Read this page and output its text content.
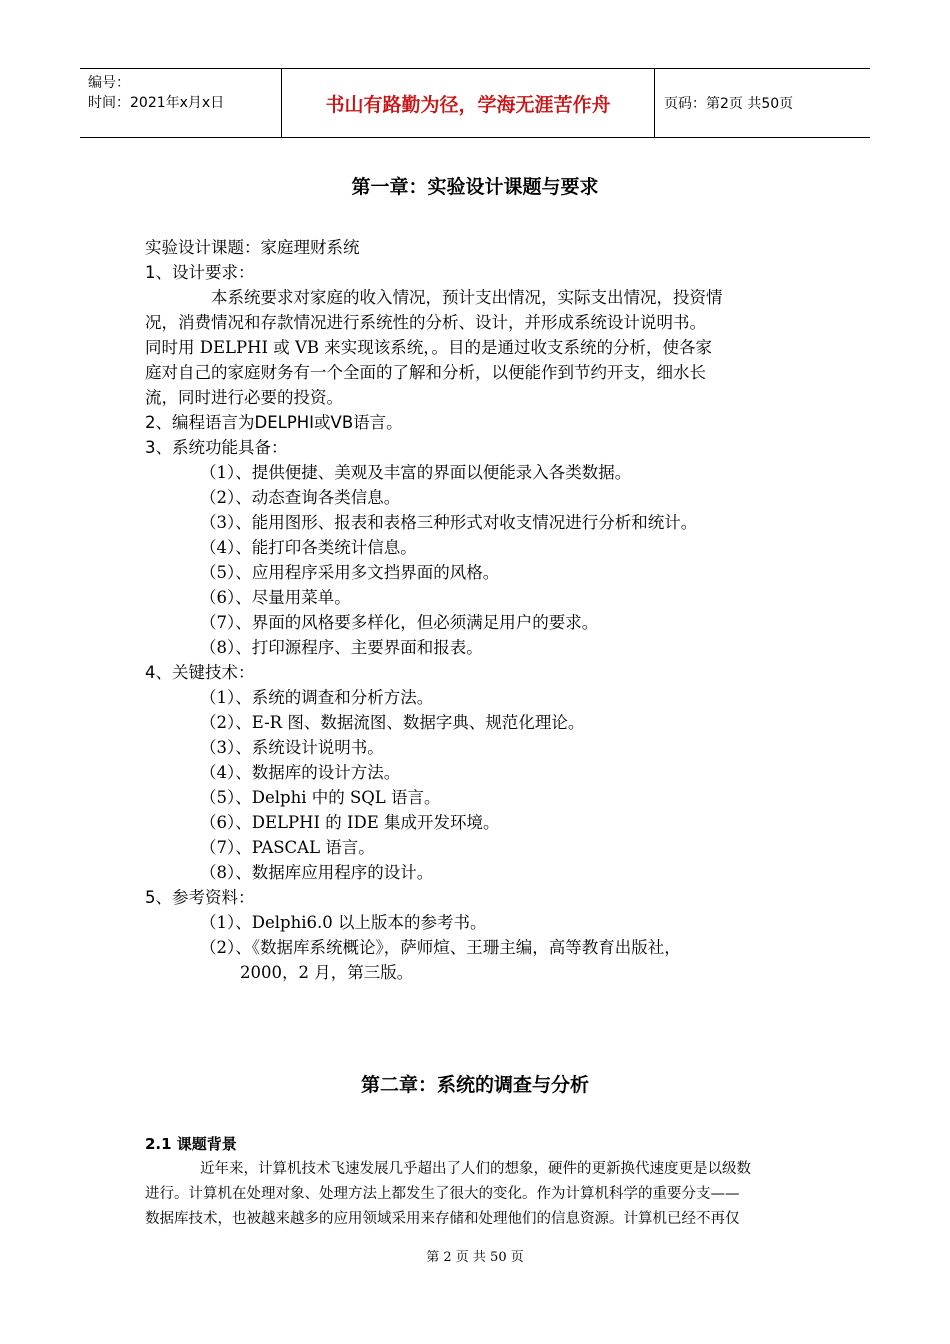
编号：
时间：2021年x月x日	书山有路勤为径，学海无涯苦作舟	页码：第2页 共50页
第一章：实验设计课题与要求
实验设计课题：家庭理财系统
1、设计要求：
本系统要求对家庭的收入情况，预计支出情况，实际支出情况，投资情
况，消费情况和存款情况进行系统性的分析、设计，并形成系统设计说明书。
同时用 DELPHI 或 VB 来实现该系统，。目的是通过收支系统的分析，使各家
庭对自己的家庭财务有一个全面的了解和分析，以便能作到节约开支，细水长
流，同时进行必要的投资。
2、编程语言为DELPHI或VB语言。
3、系统功能具备：
（1）、提供便捷、美观及丰富的界面以便能录入各类数据。
（2）、动态查询各类信息。
（3）、能用图形、报表和表格三种形式对收支情况进行分析和统计。
（4）、能打印各类统计信息。
（5）、应用程序采用多文挡界面的风格。
（6）、尽量用菜单。
（7）、界面的风格要多样化，但必须满足用户的要求。
（8）、打印源程序、主要界面和报表。
4、关键技术：
（1）、系统的调查和分析方法。
（2）、E-R 图、数据流图、数据字典、规范化理论。
（3）、系统设计说明书。
（4）、数据库的设计方法。
（5）、Delphi 中的 SQL 语言。
（6）、DELPHI 的 IDE 集成开发环境。
（7）、PASCAL 语言。
（8）、数据库应用程序的设计。
5、参考资料：
（1）、Delphi6.0 以上版本的参考书。
（2）、《数据库系统概论》，萨师煊、王珊主编，高等教育出版社，
2000，2 月，第三版。
第二章：系统的调查与分析
2.1 课题背景
近年来，计算机技术飞速发展几乎超出了人们的想象，硬件的更新换代速度更是以级数
进行。计算机在处理对象、处理方法上都发生了很大的变化。作为计算机科学的重要分支——
数据库技术，也被越来越多的应用领域采用来存储和处理他们的信息资源。计算机已经不再仅
第 2 页 共 50 页
